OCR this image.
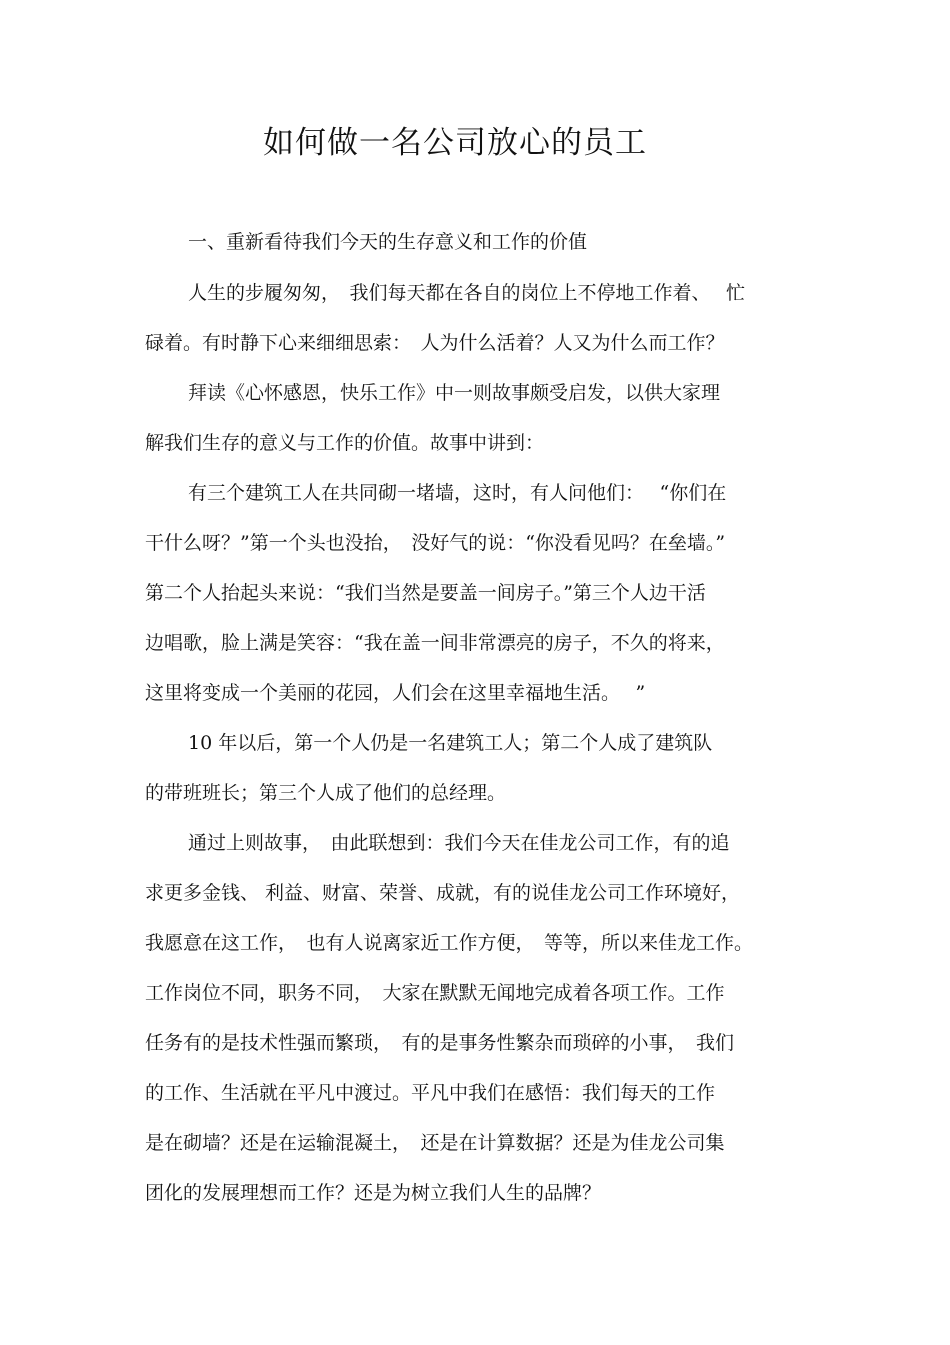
如何做一名公司放心的员工
一、重新看待我们今天的生存意义和工作的价值
人生的步履匆匆，　我们每天都在各自的岗位上不停地工作着、　 忙
碌着。有时静下心来细细思索：　人为什么活着？人又为什么而工作？
拜读《心怀感恩，快乐工作》中一则故事颇受启发，以供大家理
解我们生存的意义与工作的价值。故事中讲到：
有三个建筑工人在共同砌一堵墙，这时，有人问他们：　 “你们在
干什么呀？”第一个头也没抬，　没好气的说：“你没看见吗？在垒墙。”
第二个人抬起头来说：“我们当然是要盖一间房子。”第三个人边干活
边唱歌，脸上满是笑容：“我在盖一间非常漂亮的房子，不久的将来，
这里将变成一个美丽的花园，人们会在这里幸福地生活。　 ”
10 年以后，第一个人仍是一名建筑工人；第二个人成了建筑队
的带班班长；第三个人成了他们的总经理。
通过上则故事，　由此联想到：我们今天在佳龙公司工作，有的追
求更多金钱、 利益、财富、荣誉、成就，有的说佳龙公司工作环境好，
我愿意在这工作，　也有人说离家近工作方便，　等等，所以来佳龙工作。
工作岗位不同，职务不同，　大家在默默无闻地完成着各项工作。工作
任务有的是技术性强而繁琐，　有的是事务性繁杂而琐碎的小事，　我们
的工作、生活就在平凡中渡过。平凡中我们在感悟：我们每天的工作
是在砌墙？还是在运输混凝土，　还是在计算数据？还是为佳龙公司集
团化的发展理想而工作？还是为树立我们人生的品牌？
